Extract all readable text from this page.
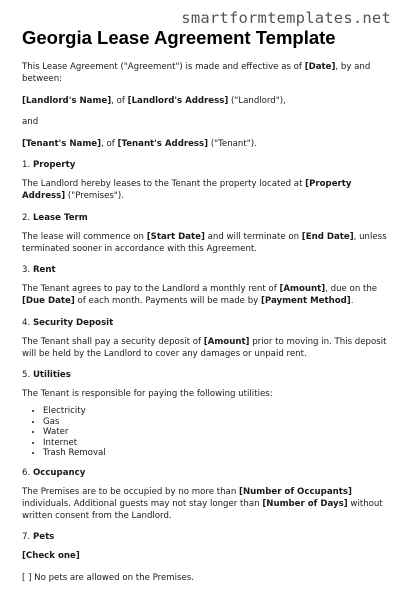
smartformtemplates.net
Georgia Lease Agreement Template

This Lease Agreement ("Agreement") is made and effective as of [Date], by and between:

[Landlord's Name], of [Landlord's Address] ("Landlord"),

and

[Tenant's Name], of [Tenant's Address] ("Tenant").

1. Property

The Landlord hereby leases to the Tenant the property located at [Property Address] ("Premises").

2. Lease Term

The lease will commence on [Start Date] and will terminate on [End Date], unless terminated sooner in accordance with this Agreement.

3. Rent

The Tenant agrees to pay to the Landlord a monthly rent of [Amount], due on the [Due Date] of each month. Payments will be made by [Payment Method].

4. Security Deposit

The Tenant shall pay a security deposit of [Amount] prior to moving in. This deposit will be held by the Landlord to cover any damages or unpaid rent.

5. Utilities

The Tenant is responsible for paying the following utilities:

• Electricity
• Gas
• Water
• Internet
• Trash Removal

6. Occupancy

The Premises are to be occupied by no more than [Number of Occupants] individuals. Additional guests may not stay longer than [Number of Days] without written consent from the Landlord.

7. Pets

[Check one]

[ ] No pets are allowed on the Premises.
